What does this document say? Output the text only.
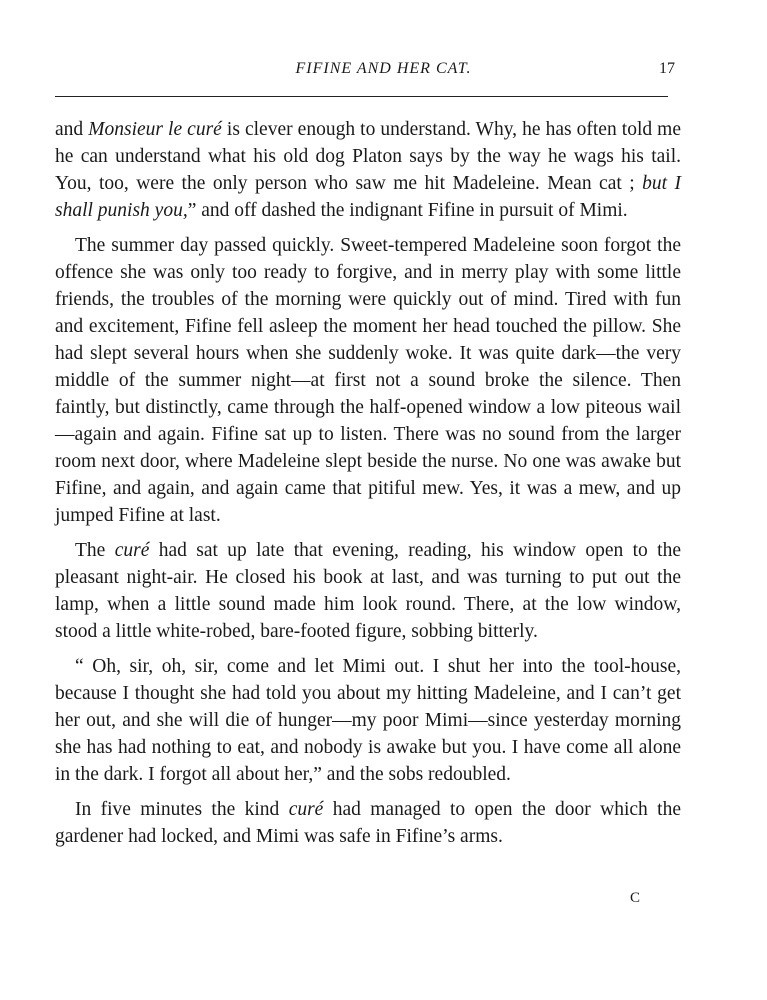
FIFINE AND HER CAT.	17

and Monsieur le curé is clever enough to understand. Why, he has often told me he can understand what his old dog Platon says by the way he wags his tail. You, too, were the only person who saw me hit Madeleine. Mean cat ; but I shall punish you,” and off dashed the indignant Fifine in pursuit of Mimi.

The summer day passed quickly. Sweet-tempered Madeleine soon forgot the offence she was only too ready to forgive, and in merry play with some little friends, the troubles of the morning were quickly out of mind. Tired with fun and excitement, Fifine fell asleep the moment her head touched the pillow. She had slept several hours when she suddenly woke. It was quite dark—the very middle of the summer night—at first not a sound broke the silence. Then faintly, but distinctly, came through the half-opened window a low piteous wail—again and again. Fifine sat up to listen. There was no sound from the larger room next door, where Madeleine slept beside the nurse. No one was awake but Fifine, and again, and again came that pitiful mew. Yes, it was a mew, and up jumped Fifine at last.

The curé had sat up late that evening, reading, his window open to the pleasant night-air. He closed his book at last, and was turning to put out the lamp, when a little sound made him look round. There, at the low window, stood a little white-robed, bare-footed figure, sobbing bitterly.

“ Oh, sir, oh, sir, come and let Mimi out. I shut her into the tool-house, because I thought she had told you about my hitting Madeleine, and I can’t get her out, and she will die of hunger—my poor Mimi—since yesterday morning she has had nothing to eat, and nobody is awake but you. I have come all alone in the dark. I forgot all about her,” and the sobs redoubled.

In five minutes the kind curé had managed to open the door which the gardener had locked, and Mimi was safe in Fifine’s arms.

C
